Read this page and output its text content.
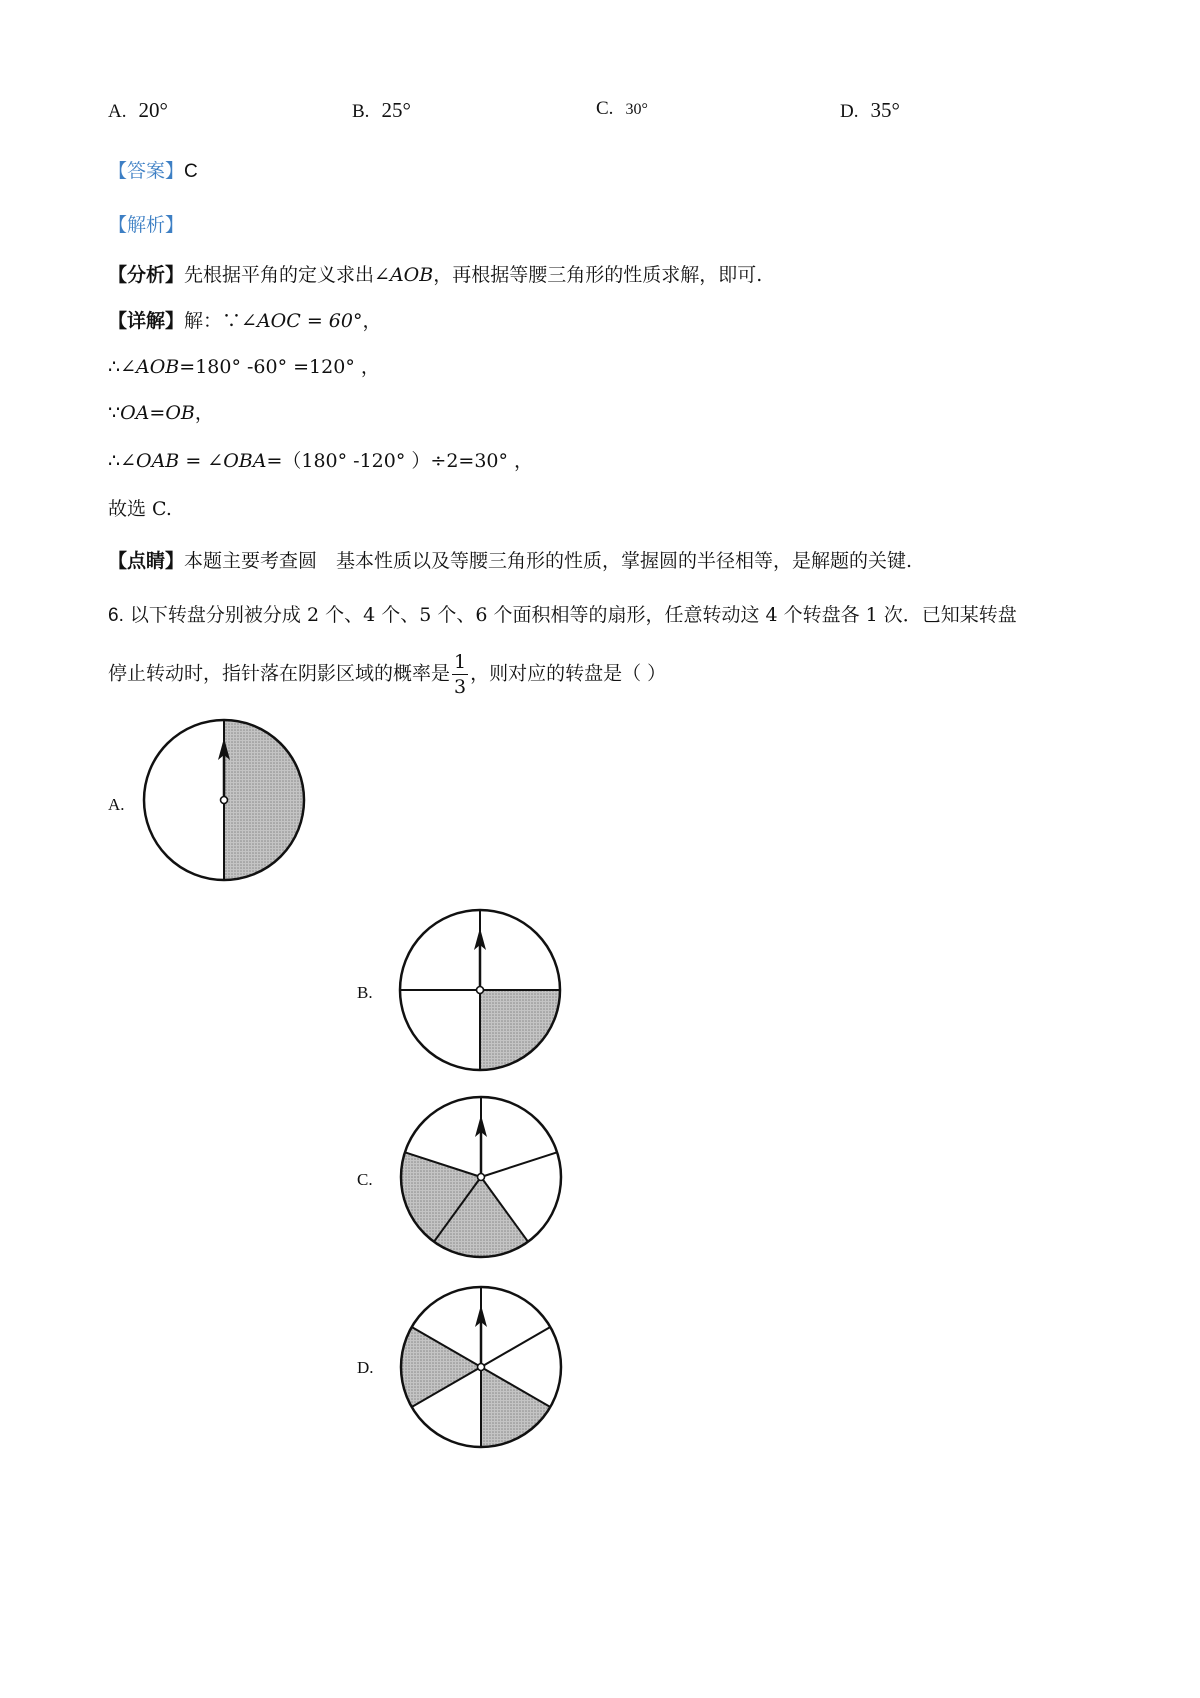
A. 20°	B. 25°	C. 30°	D. 35°
【答案】C
【解析】
【分析】先根据平角的定义求出∠AOB，再根据等腰三角形的性质求解，即可.
【详解】解：∵∠AOC = 60°，
∴∠AOB=180° -60° =120° ，
∵OA=OB，
∴∠OAB = ∠OBA=（180° -120° ）÷2=30° ，
故选 C.
【点睛】本题主要考查圆　基本性质以及等腰三角形的性质，掌握圆的半径相等，是解题的关键.
6. 以下转盘分别被分成 2 个、4 个、5 个、6 个面积相等的扇形，任意转动这 4 个转盘各 1 次．已知某转盘
停止转动时，指针落在阴影区域的概率是 $\frac{1}{3}$ ，则对应的转盘是（ ）
A.
B.
C.
D.
